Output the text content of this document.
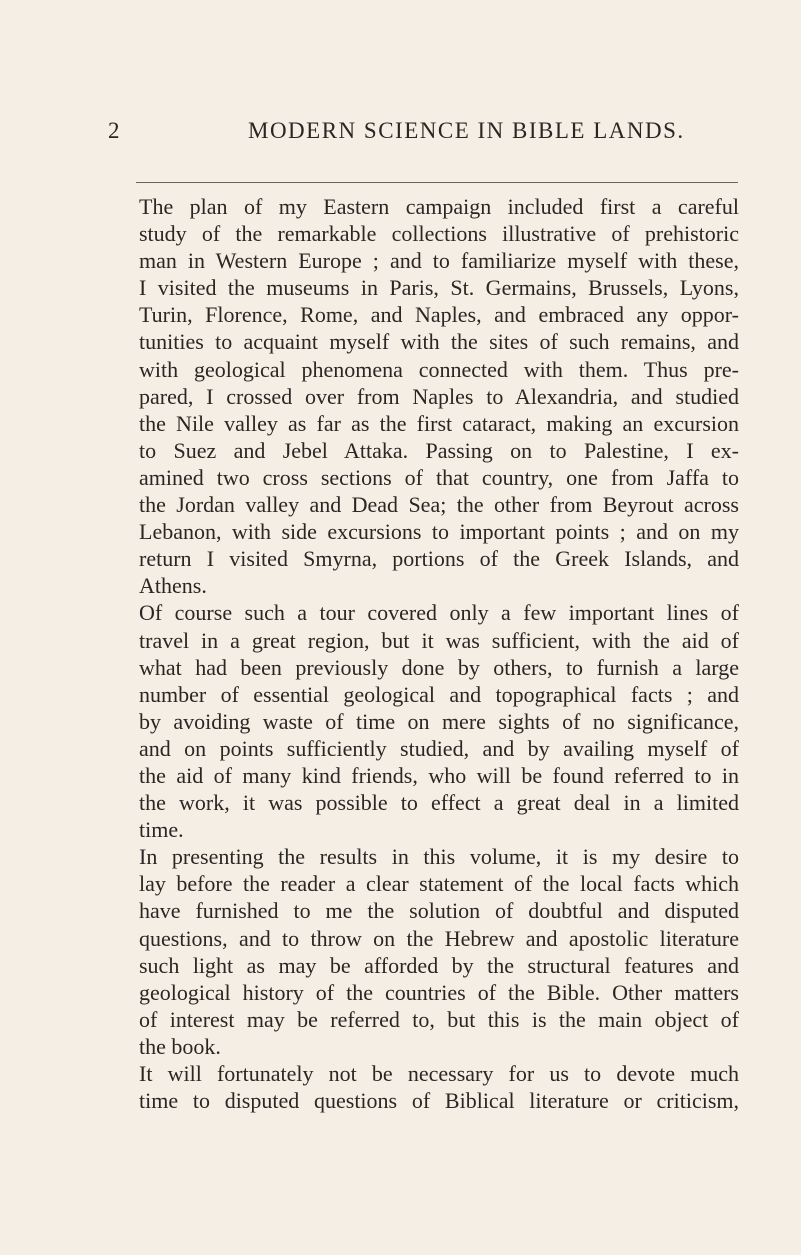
2	MODERN SCIENCE IN BIBLE LANDS.
The plan of my Eastern campaign included first a careful
study of the remarkable collections illustrative of prehistoric
man in Western Europe ; and to familiarize myself with these,
I visited the museums in Paris, St. Germains, Brussels, Lyons,
Turin, Florence, Rome, and Naples, and embraced any oppor-
tunities to acquaint myself with the sites of such remains, and
with geological phenomena connected with them. Thus pre-
pared, I crossed over from Naples to Alexandria, and studied
the Nile valley as far as the first cataract, making an excursion
to Suez and Jebel Attaka. Passing on to Palestine, I ex-
amined two cross sections of that country, one from Jaffa to
the Jordan valley and Dead Sea; the other from Beyrout across
Lebanon, with side excursions to important points ; and on my
return I visited Smyrna, portions of the Greek Islands, and
Athens.
Of course such a tour covered only a few important lines of
travel in a great region, but it was sufficient, with the aid of
what had been previously done by others, to furnish a large
number of essential geological and topographical facts ; and
by avoiding waste of time on mere sights of no significance,
and on points sufficiently studied, and by availing myself of
the aid of many kind friends, who will be found referred to in
the work, it was possible to effect a great deal in a limited
time.
In presenting the results in this volume, it is my desire to
lay before the reader a clear statement of the local facts which
have furnished to me the solution of doubtful and disputed
questions, and to throw on the Hebrew and apostolic literature
such light as may be afforded by the structural features and
geological history of the countries of the Bible. Other matters
of interest may be referred to, but this is the main object of
the book.
It will fortunately not be necessary for us to devote much
time to disputed questions of Biblical literature or criticism,
